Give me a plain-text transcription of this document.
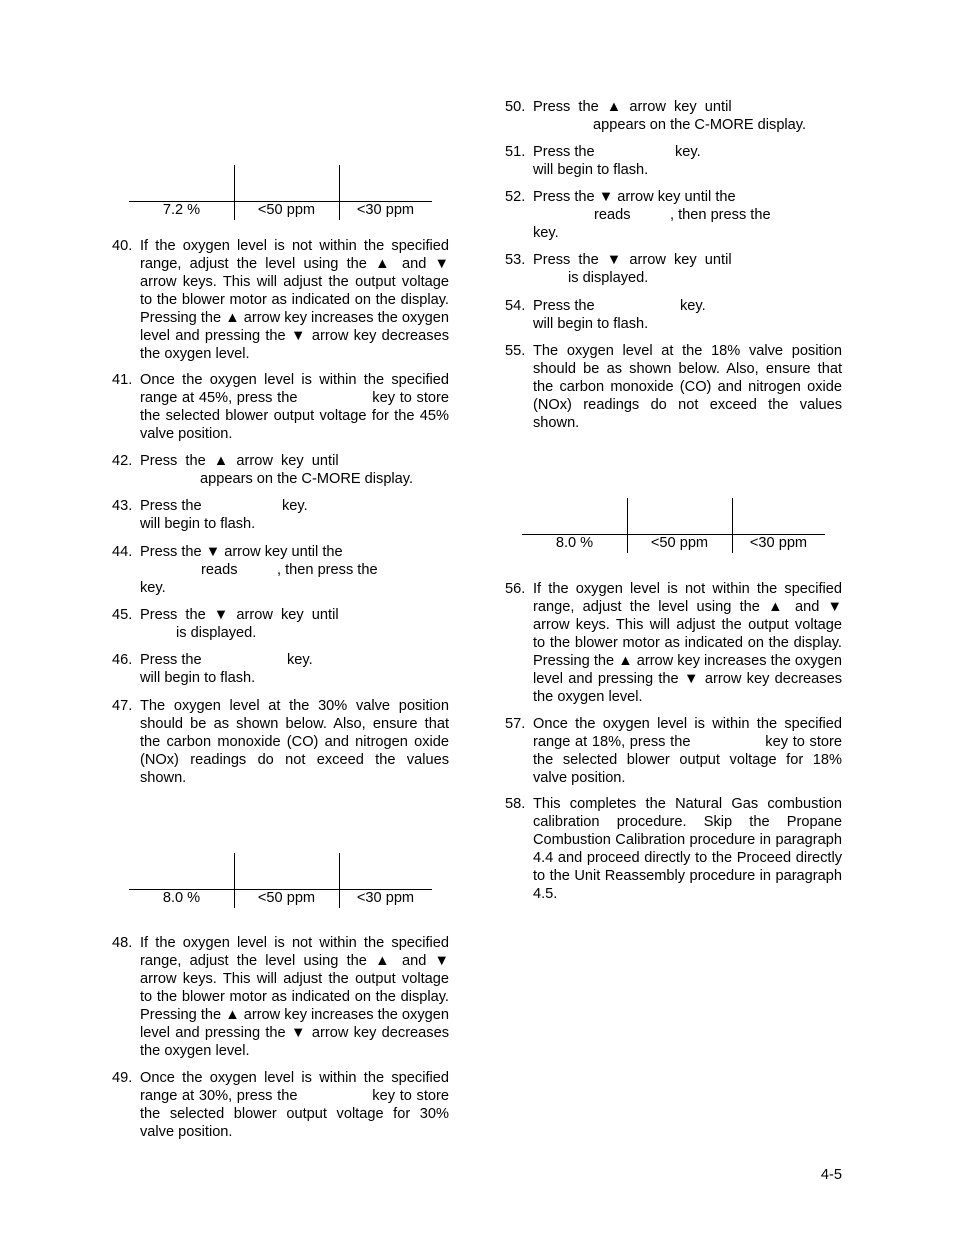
7.2 %	<50 ppm	<30 ppm
40. If the oxygen level is not within the specified range, adjust the level using the ▲ and ▼ arrow keys. This will adjust the output voltage to the blower motor as indicated on the display. Pressing the ▲ arrow key increases the oxygen level and pressing the ▼ arrow key decreases the oxygen level.
41. Once the oxygen level is within the specified range at 45%, press the                key to store the selected blower output voltage for the 45% valve position.
42. Press  the  ▲  arrow  key  until
appears on the C-MORE display.
43. Press the	key.
will begin to flash.
44. Press the ▼ arrow key until the
reads	, then press the
key.
45. Press  the  ▼  arrow  key  until
is displayed.
46. Press the	key.
will begin to flash.
47. The oxygen level at the 30% valve position should be as shown below. Also, ensure that the carbon monoxide (CO) and nitrogen oxide (NOx) readings do not exceed the values shown.
8.0 %	<50 ppm	<30 ppm
48. If the oxygen level is not within the specified range, adjust the level using the ▲ and ▼ arrow keys. This will adjust the output voltage to the blower motor as indicated on the display. Pressing the ▲ arrow key increases the oxygen level and pressing the ▼ arrow key decreases the oxygen level.
49. Once the oxygen level is within the specified range at 30%, press the                key to store the selected blower output voltage for 30% valve position.
50. Press  the  ▲  arrow  key  until
appears on the C-MORE display.
51. Press the	key.
will begin to flash.
52. Press the ▼ arrow key until the
reads	, then press the
key.
53. Press  the  ▼  arrow  key  until
is displayed.
54. Press the	key.
will begin to flash.
55. The oxygen level at the 18% valve position should be as shown below. Also, ensure that the carbon monoxide (CO) and nitrogen oxide (NOx) readings do not exceed the values shown.
8.0 %	<50 ppm	<30 ppm
56. If the oxygen level is not within the specified range, adjust the level using the ▲ and ▼ arrow keys. This will adjust the output voltage to the blower motor as indicated on the display. Pressing the ▲ arrow key increases the oxygen level and pressing the ▼ arrow key decreases the oxygen level.
57. Once the oxygen level is within the specified range at 18%, press the                key to store the selected blower output voltage for 18% valve position.
58. This completes the Natural Gas combustion calibration procedure. Skip the Propane Combustion Calibration procedure in paragraph 4.4 and proceed directly to the Proceed directly to the Unit Reassembly procedure in paragraph 4.5.
4-5
